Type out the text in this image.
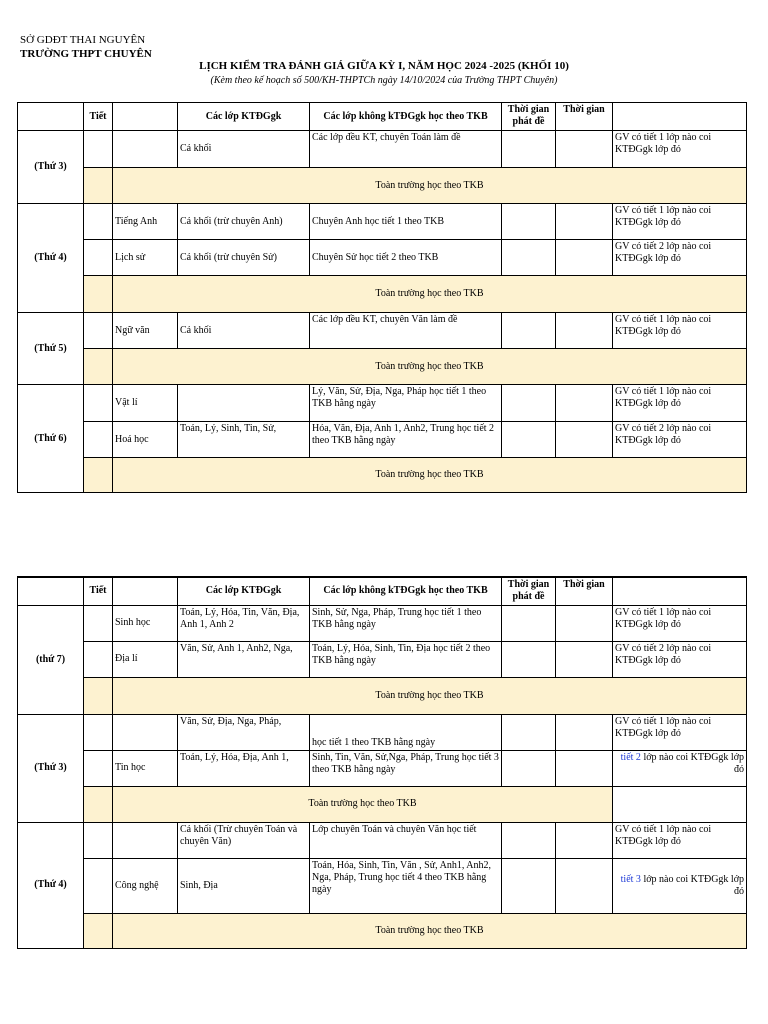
SỞ GDĐT THAI NGUYÊN
TRƯỜNG THPT CHUYÊN
LỊCH KIỂM TRA ĐÁNH GIÁ GIỮA KỲ I, NĂM HỌC 2024 -2025 (KHỐI 10)
(Kèm theo kế hoạch số 500/KH-THPTCh ngày 14/10/2024 của Trường THPT Chuyên)
	Tiết		Các lớp KTĐGgk	Các lớp không kTĐGgk học theo TKB	Thời gian phát đề	Thời gian	
(Thứ 3)			Cả khối	Các lớp đều KT, chuyên Toán làm đề			GV có tiết 1 lớp nào coi KTĐGgk lớp đó
		Toàn trường học theo TKB					
(Thứ 4)		Tiếng Anh	Cả khối (trừ chuyên Anh)	Chuyên Anh học tiết 1 theo TKB			GV có tiết 1 lớp nào coi KTĐGgk lớp đó
		Lịch sử	Cả khối (trừ chuyên Sử)	Chuyên Sử học tiết 2 theo TKB			GV có tiết 2 lớp nào coi KTĐGgk lớp đó
		Toàn trường học theo TKB					
(Thứ 5)		Ngữ văn	Cả khối	Các lớp đều KT, chuyên Văn làm đề			GV có tiết 1 lớp nào coi KTĐGgk lớp đó
		Toàn trường học theo TKB					
(Thứ 6)		Vật lí		Lý, Văn, Sử, Địa, Nga, Pháp học tiết 1 theo TKB hằng ngày			GV có tiết 1 lớp nào coi KTĐGgk lớp đó
		Hoá học	Toán, Lý, Sinh, Tin, Sử,	Hóa, Văn, Địa, Anh 1, Anh2, Trung học tiết 2 theo TKB hằng ngày			GV có tiết 2 lớp nào coi KTĐGgk lớp đó
		Toàn trường học theo TKB					
	Tiết		Các lớp KTĐGgk	Các lớp không kTĐGgk học theo TKB	Thời gian phát đề	Thời gian	
(thứ 7)		Sinh học	Toán, Lý, Hóa, Tin, Văn, Địa, Anh 1, Anh 2	Sinh, Sử, Nga, Pháp, Trung học tiết 1 theo TKB hằng ngày			GV có tiết 1 lớp nào coi KTĐGgk lớp đó
		Địa lí	Văn, Sử, Anh 1, Anh2, Nga,	Toán, Lý, Hóa, Sinh, Tin, Địa học tiết 2 theo TKB hằng ngày			GV có tiết 2 lớp nào coi KTĐGgk lớp đó
		Toàn trường học theo TKB					
(Thứ 3)			Văn, Sử, Địa, Nga, Pháp,	học tiết 1 theo TKB hằng ngày			GV có tiết 1 lớp nào coi KTĐGgk lớp đó
		Tin học	Toán, Lý, Hóa, Địa, Anh 1,	Sinh, Tin, Văn, Sử,Nga, Pháp, Trung học tiết 3 theo TKB hằng ngày			tiết 2 lớp nào coi KTĐGgk lớp đó

		Toàn trường học theo TKB					
(Thứ 4)			Cả khối (Trừ chuyên Toán và chuyên Văn)	Lớp chuyên Toán và chuyên Văn học tiết			GV có tiết 1 lớp nào coi KTĐGgk lớp đó
		Công nghệ	Sinh, Địa	Toán, Hóa, Sinh, Tin, Văn , Sử, Anh1, Anh2, Nga, Pháp, Trung học tiết 4 theo TKB hằng ngày			tiết 3 lớp nào coi KTĐGgk lớp đó

		Toàn trường học theo TKB					
